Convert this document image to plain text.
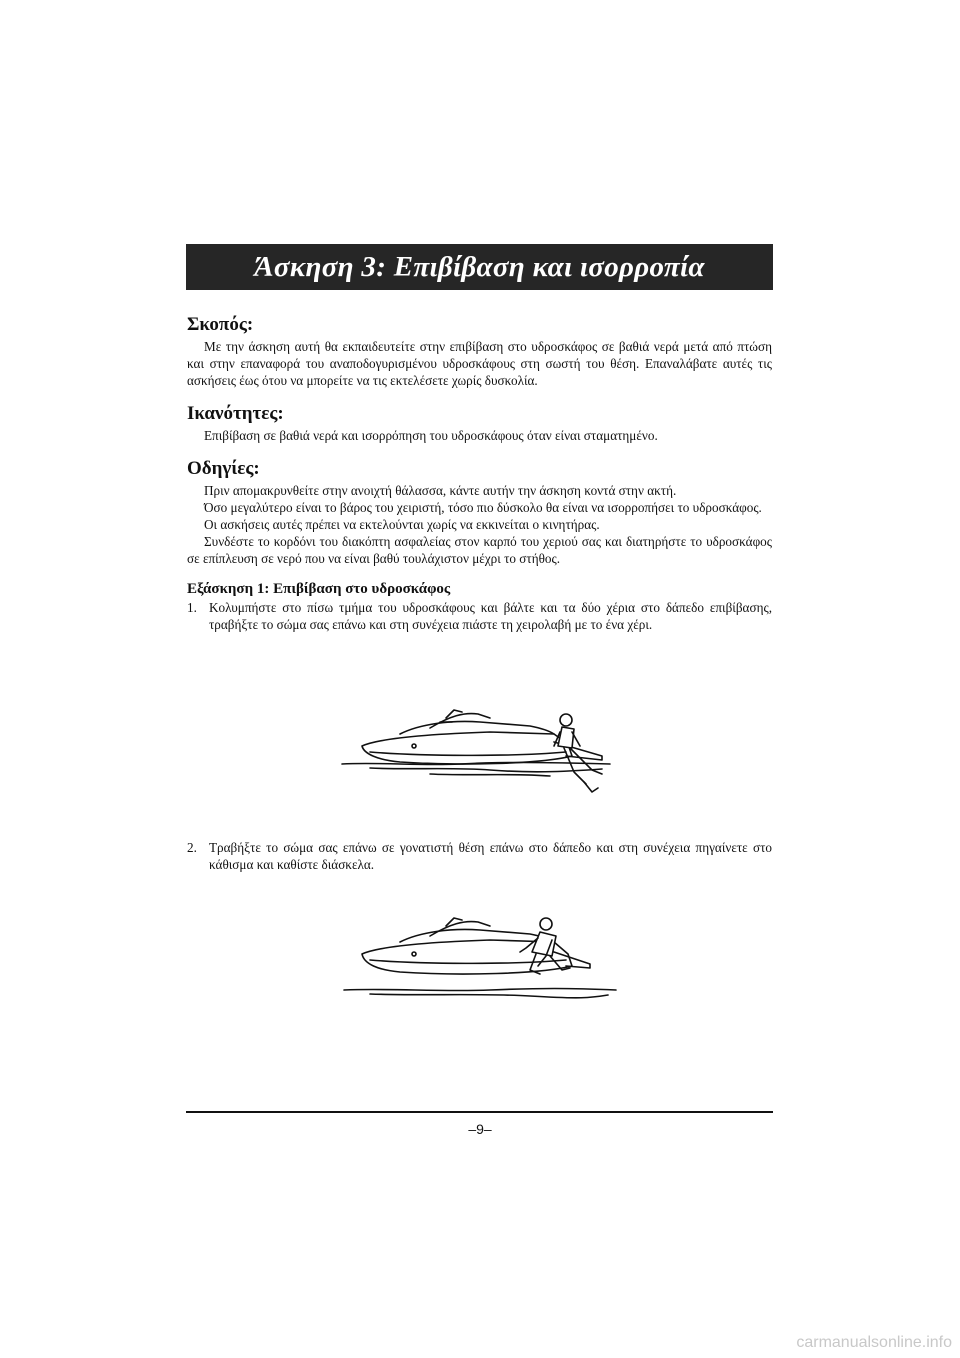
Άσκηση 3: Επιβίβαση και ισορροπία
Σκοπός:

Με την άσκηση αυτή θα εκπαιδευτείτε στην επιβίβαση στο υδροσκάφος σε βαθιά νερά μετά από πτώση και στην επαναφορά του αναποδογυρισμένου υδροσκάφους στη σωστή του θέση. Επαναλάβατε αυτές τις ασκήσεις έως ότου να μπορείτε να τις εκτελέσετε χωρίς δυσκολία.

Ικανότητες:

Επιβίβαση σε βαθιά νερά και ισορρόπηση του υδροσκάφους όταν είναι σταματημένο.

Οδηγίες:

Πριν απομακρυνθείτε στην ανοιχτή θάλασσα, κάντε αυτήν την άσκηση κοντά στην ακτή.

Όσο μεγαλύτερο είναι το βάρος του χειριστή, τόσο πιο δύσκολο θα είναι να ισορροπήσει το υδροσκάφος.

Οι ασκήσεις αυτές πρέπει να εκτελούνται χωρίς να εκκινείται ο κινητήρας.

Συνδέστε το κορδόνι του διακόπτη ασφαλείας στον καρπό του χεριού σας και διατηρήστε το υδροσκάφος σε επίπλευση σε νερό που να είναι βαθύ τουλάχιστον μέχρι το στήθος.

Εξάσκηση 1: Επιβίβαση στο υδροσκάφος
1. Κολυμπήστε στο πίσω τμήμα του υδροσκάφους και βάλτε και τα δύο χέρια στο δάπεδο επιβίβασης, τραβήξτε το σώμα σας επάνω και στη συνέχεια πιάστε τη χειρολαβή με το ένα χέρι.
2. Τραβήξτε το σώμα σας επάνω σε γονατιστή θέση επάνω στο δάπεδο και στη συνέχεια πηγαίνετε στο κάθισμα και καθίστε διάσκελα.
–9–
carmanualsonline.info
